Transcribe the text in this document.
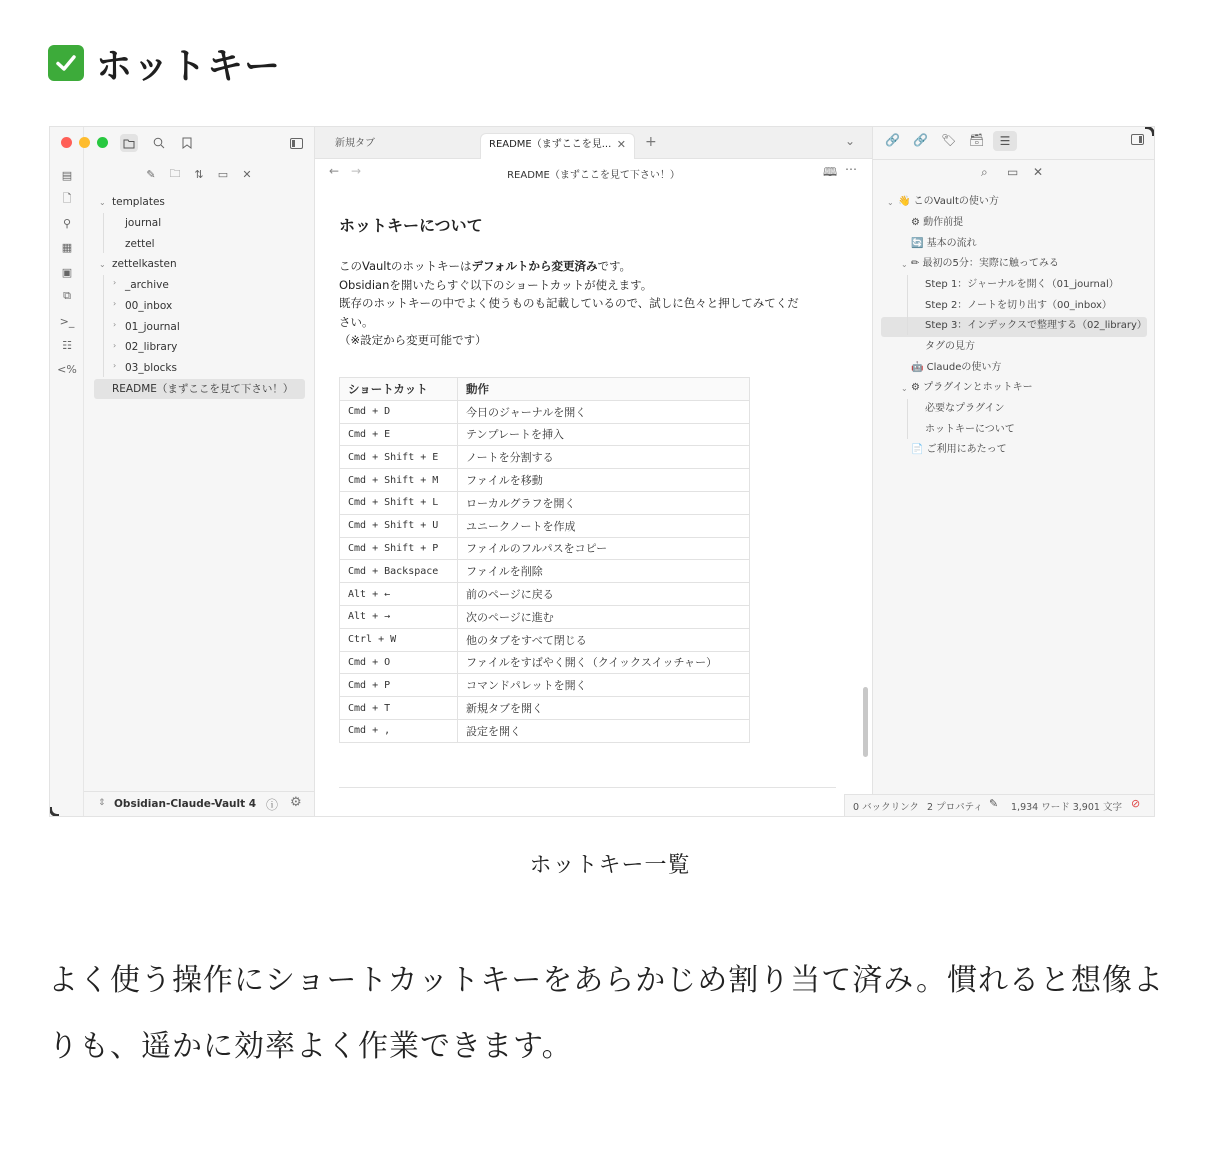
ホットキー
▤
🗋
⚲
▦
▣
⧉
>_
☷
<%
✎	🗀	⇅	▭	✕
⌄ templates
journal
zettel
⌄ zettelkasten
› _archive
› 00_inbox
› 01_journal
› 02_library
› 03_blocks
README（まずここを見て下さい！）
⇕ Obsidian-Claude-Vault 4 ⓘ ⚙
新規タブ	README（まずここを見... ✕ +	⌄
← →	README（まずここを見て下さい！）	🕮 ⋯
ホットキーについて
このVaultのホットキーはデフォルトから変更済みです。
Obsidianを開いたらすぐ以下のショートカットが使えます。
既存のホットキーの中でよく使うものも記載しているので、試しに色々と押してみてくだ
さい。
（※設定から変更可能です）
ショートカット	動作
Cmd + D	今日のジャーナルを開く
Cmd + E	テンプレートを挿入
Cmd + Shift + E	ノートを分割する
Cmd + Shift + M	ファイルを移動
Cmd + Shift + L	ローカルグラフを開く
Cmd + Shift + U	ユニークノートを作成
Cmd + Shift + P	ファイルのフルパスをコピー
Cmd + Backspace	ファイルを削除
Alt + ←	前のページに戻る
Alt + →	次のページに進む
Ctrl + W	他のタブをすべて閉じる
Cmd + O	ファイルをすばやく開く（クイックスイッチャー）
Cmd + P	コマンドパレットを開く
Cmd + T	新規タブを開く
Cmd + ,	設定を開く
🔗 🔗 🏷 🗃	☰
⌕ ▭ ✕
⌄ 👋 このVaultの使い方
⚙ 動作前提
🔄 基本の流れ
⌄ ✏ 最初の5分：実際に触ってみる
Step 1：ジャーナルを開く（01_journal）
Step 2：ノートを切り出す（00_inbox）
Step 3：インデックスで整理する（02_library）
タグの見方
🤖 Claudeの使い方
⌄ ⚙ プラグインとホットキー
必要なプラグイン
ホットキーについて
📄 ご利用にあたって
0 バックリンク 2 プロパティ ✎ 1,934 ワード 3,901 文字 ⊘
ホットキー一覧
よく使う操作にショートカットキーをあらかじめ割り当て済み。慣れると想像よりも、遥かに効率よく作業できます。
